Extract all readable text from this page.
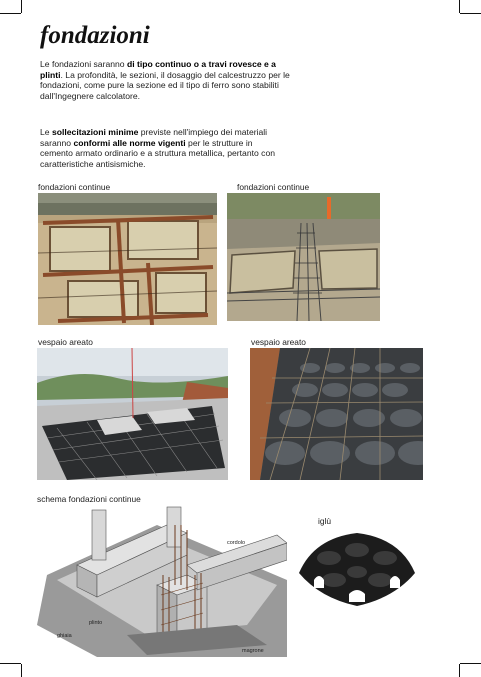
fondazioni

Le fondazioni saranno di tipo continuo o a travi rovesce e a plinti. La profondità, le sezioni, il dosaggio del calcestruzzo per le fondazioni, come pure la sezione ed il tipo di ferro sono stabiliti dall'Ingegnere calcolatore.

Le sollecitazioni minime previste nell'impiego dei materiali saranno conformi alle norme vigenti per le strutture in cemento armato ordinario e a struttura metallica, pertanto con caratteristiche antisismiche.

fondazioni continue	fondazioni continue
vespaio areato	vespaio areato
schema fondazioni continue
iglù
cordolo
plinto
ghiaia
magrone
